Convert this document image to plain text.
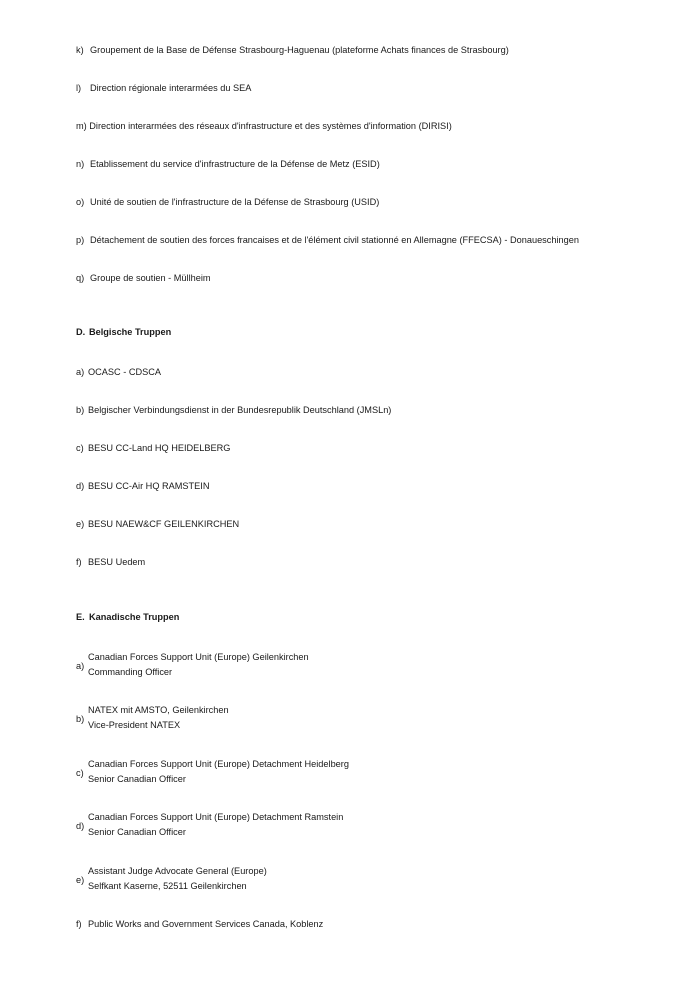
k) Groupement de la Base de Défense Strasbourg-Haguenau (plateforme Achats finances de Strasbourg)
l) Direction régionale interarmées du SEA
m) Direction interarmées des réseaux d'infrastructure et des systèmes d'information (DIRISI)
n) Etablissement du service d'infrastructure de la Défense de Metz (ESID)
o) Unité de soutien de l'infrastructure de la Défense de Strasbourg (USID)
p) Détachement de soutien des forces francaises et de l'élément civil stationné en Allemagne (FFECSA) - Donaueschingen
q) Groupe de soutien - Müllheim
D. Belgische Truppen
a) OCASC - CDSCA
b) Belgischer Verbindungsdienst in der Bundesrepublik Deutschland (JMSLn)
c) BESU CC-Land HQ HEIDELBERG
d) BESU CC-Air HQ RAMSTEIN
e) BESU NAEW&CF GEILENKIRCHEN
f) BESU Uedem
E. Kanadische Truppen
a)
Canadian Forces Support Unit (Europe) Geilenkirchen
Commanding Officer
b)
NATEX mit AMSTO, Geilenkirchen
Vice-President NATEX
c)
Canadian Forces Support Unit (Europe) Detachment Heidelberg
Senior Canadian Officer
d)
Canadian Forces Support Unit (Europe) Detachment Ramstein
Senior Canadian Officer
e)
Assistant Judge Advocate General (Europe)
Selfkant Kaserne, 52511 Geilenkirchen
f) Public Works and Government Services Canada, Koblenz
